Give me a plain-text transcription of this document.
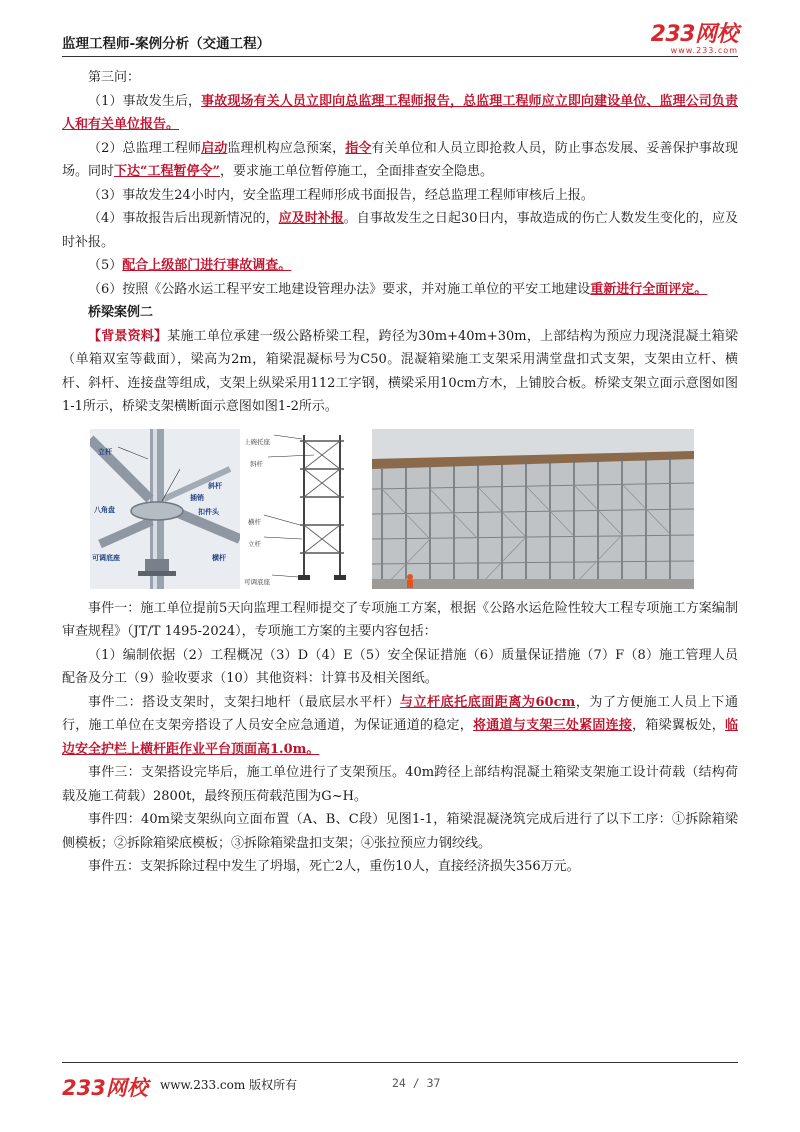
监理工程师-案例分析（交通工程）	233网校
www.233.com

第三问：

（1）事故发生后，事故现场有关人员立即向总监理工程师报告，总监理工程师应立即向建设单位、监理公司负责人和有关单位报告。

（2）总监理工程师启动监理机构应急预案，指令有关单位和人员立即抢救人员，防止事态发展、妥善保护事故现场。同时下达“工程暂停令”，要求施工单位暂停施工，全面排查安全隐患。

（3）事故发生24小时内，安全监理工程师形成书面报告，经总监理工程师审核后上报。

（4）事故报告后出现新情况的，应及时补报。自事故发生之日起30日内，事故造成的伤亡人数发生变化的，应及时补报。

（5）配合上级部门进行事故调查。

（6）按照《公路水运工程平安工地建设管理办法》要求，并对施工单位的平安工地建设重新进行全面评定。

桥梁案例二

【背景资料】某施工单位承建一级公路桥梁工程，跨径为30m+40m+30m，上部结构为预应力现浇混凝土箱梁（单箱双室等截面），梁高为2m，箱梁混凝标号为C50。混凝箱梁施工支架采用满堂盘扣式支架，支架由立杆、横杆、斜杆、连接盘等组成，支架上纵梁采用112工字钢，横梁采用10cm方木，上铺胶合板。桥梁支架立面示意图如图1-1所示，桥梁支架横断面示意图如图1-2所示。

立杆
八角盘
插销
斜杆
扣件头
可调底座	横杆
上碗托座
斜杆
横杆
立杆
可调底座

事件一：施工单位提前5天向监理工程师提交了专项施工方案，根据《公路水运危险性较大工程专项施工方案编制审查规程》（JT/T 1495-2024），专项施工方案的主要内容包括：

（1）编制依据（2）工程概况（3）D（4）E（5）安全保证措施（6）质量保证措施（7）F（8）施工管理人员配备及分工（9）验收要求（10）其他资料：计算书及相关图纸。

事件二：搭设支架时，支架扫地杆（最底层水平杆）与立杆底托底面距离为60cm，为了方便施工人员上下通行，施工单位在支架旁搭设了人员安全应急通道，为保证通道的稳定，将通道与支架三处紧固连接，箱梁翼板处，临边安全护栏上横杆距作业平台顶面高1.0m。

事件三：支架搭设完毕后，施工单位进行了支架预压。40m跨径上部结构混凝土箱梁支架施工设计荷载（结构荷载及施工荷载）2800t，最终预压荷载范围为G~H。

事件四：40m梁支架纵向立面布置（A、B、C段）见图1-1，箱梁混凝浇筑完成后进行了以下工序：①拆除箱梁侧模板；②拆除箱梁底模板；③拆除箱梁盘扣支架；④张拉预应力钢绞线。

事件五：支架拆除过程中发生了坍塌，死亡2人，重伤10人，直接经济损失356万元。

233网校 www.233.com 版权所有	24 / 37
